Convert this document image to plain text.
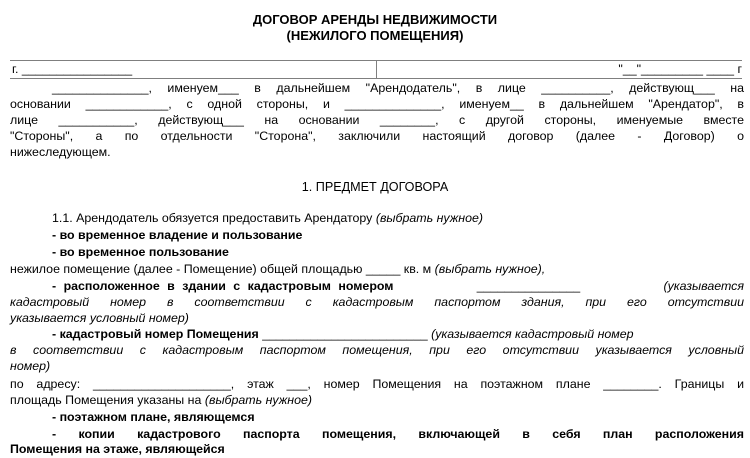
ДОГОВОР АРЕНДЫ НЕДВИЖИМОСТИ
(НЕЖИЛОГО ПОМЕЩЕНИЯ)
г. ________________	"__"_________ ____ г
______________, именуем___ в дальнейшем "Арендодатель", в лице __________, действующ___ на
основании ____________, с одной стороны, и ______________, именуем__ в дальнейшем "Арендатор", в
лице ___________, действующ___ на основании ________, с другой стороны, именуемые вместе
"Стороны", а по отдельности "Сторона", заключили настоящий договор (далее - Договор) о
нижеследующем.
1. ПРЕДМЕТ ДОГОВОРА
1.1. Арендодатель обязуется предоставить Арендатору (выбрать нужное)
- во временное владение и пользование
- во временное пользование
нежилое помещение (далее - Помещение) общей площадью _____ кв. м (выбрать нужное),
- расположенное в здании с кадастровым номером	_______________	(указывается
кадастровый номер в соответствии с кадастровым паспортом здания, при его отсутствии
указывается условный номер)
- кадастровый номер Помещения ________________________ (указывается кадастровый номер
в соответствии с кадастровым паспортом помещения, при его отсутствии указывается условный
номер)
по адресу: ____________________, этаж ___, номер Помещения на поэтажном плане ________. Границы и
площадь Помещения указаны на (выбрать нужное)
- поэтажном плане, являющемся
- копии кадастрового паспорта помещения, включающей в себя план расположения
Помещения на этаже, являющейся
